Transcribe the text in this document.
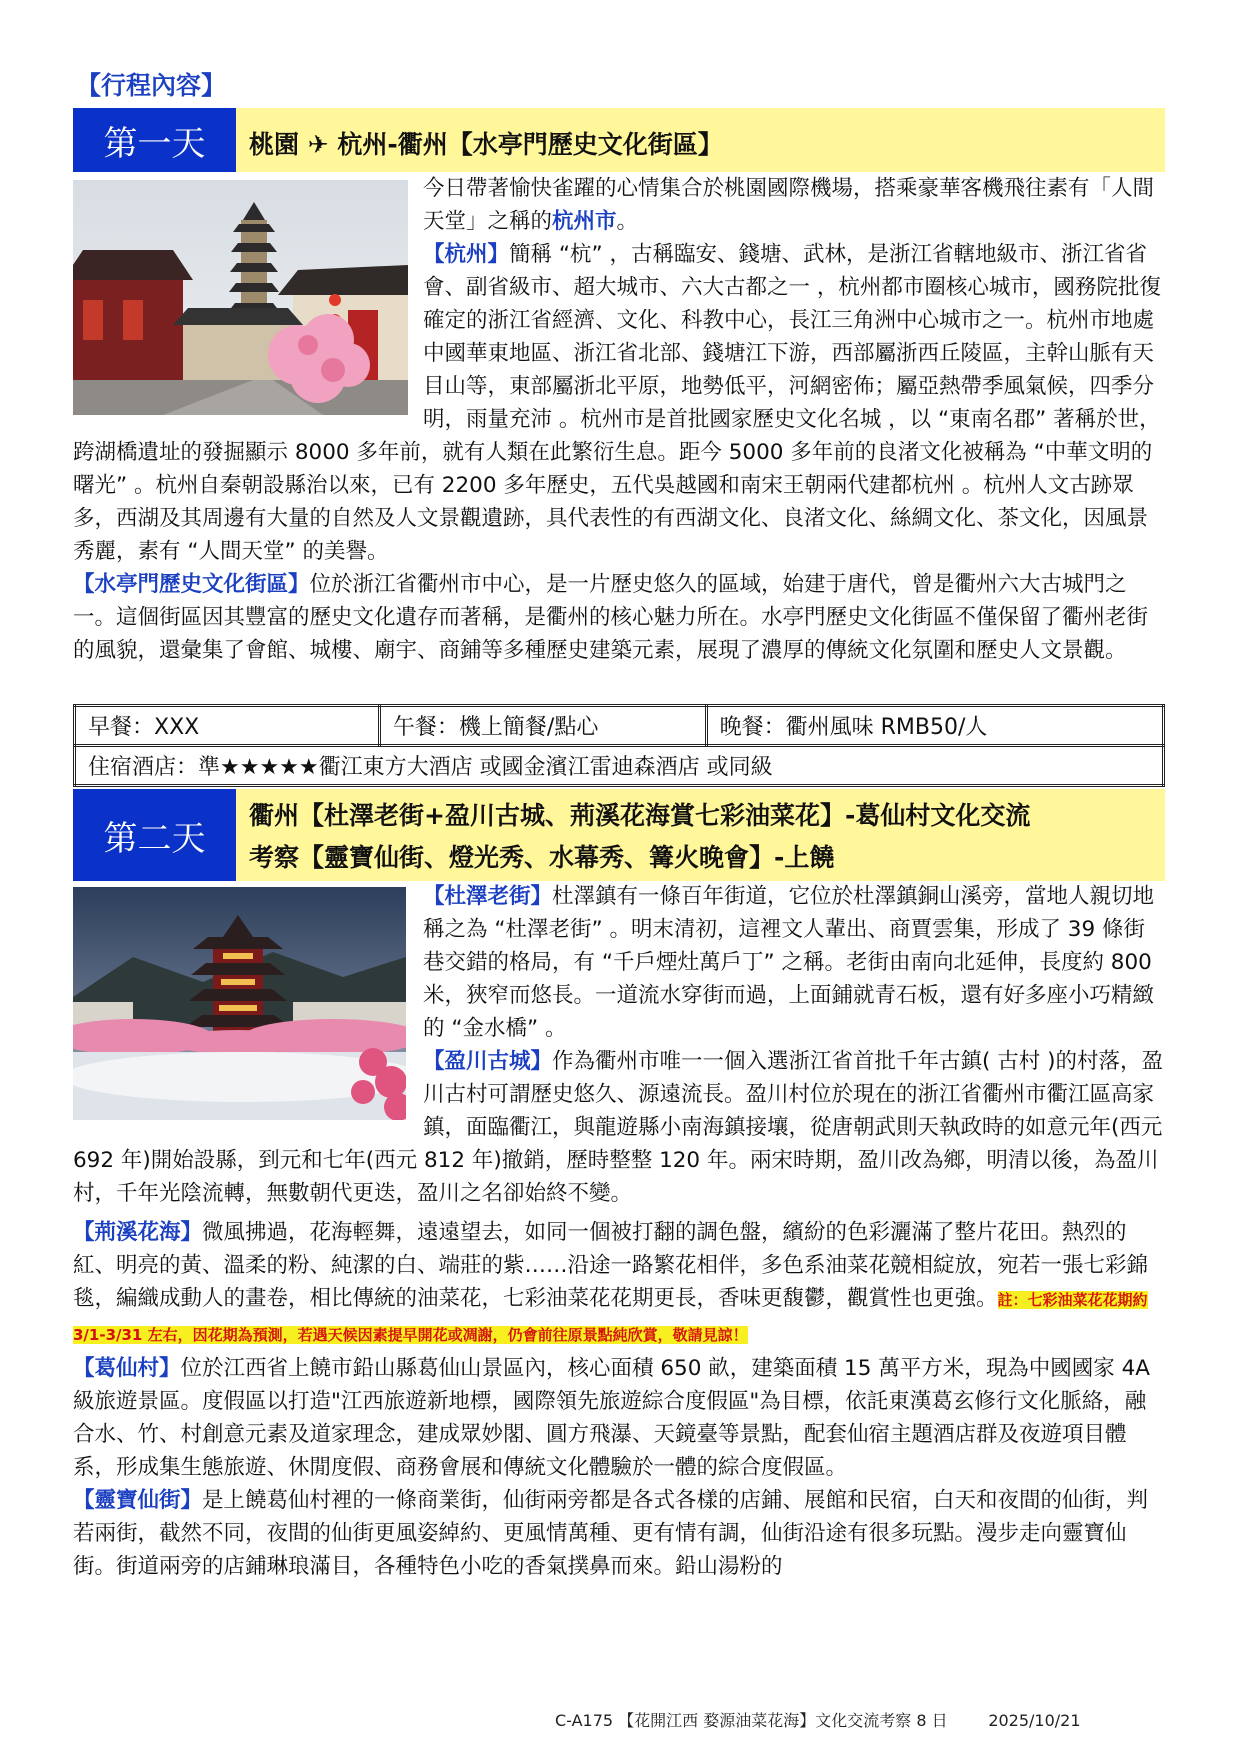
【行程內容】
第一天 桃園 ✈ 杭州-衢州【水亭門歷史文化街區】

今日帶著愉快雀躍的心情集合於桃園國際機場，搭乘豪華客機飛往素有「人間天堂」之稱的杭州市。

【杭州】簡稱 “杭” ，古稱臨安、錢塘、武林，是浙江省轄地級市、浙江省省會、副省級市、超大城市、六大古都之一 ，杭州都市圈核心城市，國務院批復確定的浙江省經濟、文化、科教中心，長江三角洲中心城市之一。杭州市地處中國華東地區、浙江省北部、錢塘江下游，西部屬浙西丘陵區，主幹山脈有天目山等，東部屬浙北平原，地勢低平，河網密佈；屬亞熱帶季風氣候，四季分明，雨量充沛 。杭州市是首批國家歷史文化名城 ，以 “東南名郡” 著稱於世，跨湖橋遺址的發掘顯示 8000 多年前，就有人類在此繁衍生息。距今 5000 多年前的良渚文化被稱為 “中華文明的曙光” 。杭州自秦朝設縣治以來，已有 2200 多年歷史，五代吳越國和南宋王朝兩代建都杭州 。杭州人文古跡眾多，西湖及其周邊有大量的自然及人文景觀遺跡，具代表性的有西湖文化、良渚文化、絲綢文化、茶文化，因風景秀麗，素有 “人間天堂” 的美譽。

【水亭門歷史文化街區】位於浙江省衢州市中心，是一片歷史悠久的區域，始建于唐代，曾是衢州六大古城門之一。這個街區因其豐富的歷史文化遺存而著稱，是衢州的核心魅力所在。水亭門歷史文化街區不僅保留了衢州老街的風貌，還彙集了會館、城樓、廟宇、商鋪等多種歷史建築元素，展現了濃厚的傳統文化氛圍和歷史人文景觀。

早餐：XXX	午餐：機上簡餐/點心	晚餐：衢州風味 RMB50/人
住宿酒店：準★★★★★衢江東方大酒店 或國金濱江雷迪森酒店 或同級
第二天
衢州【杜澤老街+盈川古城、荊溪花海賞七彩油菜花】-葛仙村文化交流
考察【靈寶仙街、燈光秀、水幕秀、篝火晚會】-上饒

【杜澤老街】杜澤鎮有一條百年街道，它位於杜澤鎮銅山溪旁，當地人親切地稱之為 “杜澤老街” 。明末清初，這裡文人輩出、商賈雲集，形成了 39 條街巷交錯的格局，有 “千戶煙灶萬戶丁” 之稱。老街由南向北延伸，長度約 800 米，狹窄而悠長。一道流水穿街而過，上面鋪就青石板，還有好多座小巧精緻的 “金水橋” 。

【盈川古城】作為衢州市唯一一個入選浙江省首批千年古鎮( 古村 )的村落，盈川古村可謂歷史悠久、源遠流長。盈川村位於現在的浙江省衢州市衢江區高家鎮，面臨衢江，與龍遊縣小南海鎮接壤，從唐朝武則天執政時的如意元年(西元 692 年)開始設縣，到元和七年(西元 812 年)撤銷，歷時整整 120 年。兩宋時期，盈川改為鄉，明清以後，為盈川村，千年光陰流轉，無數朝代更迭，盈川之名卻始終不變。

【荊溪花海】微風拂過，花海輕舞，遠遠望去，如同一個被打翻的調色盤，繽紛的色彩灑滿了整片花田。熱烈的紅、明亮的黃、溫柔的粉、純潔的白、端莊的紫……沿途一路繁花相伴，多色系油菜花競相綻放，宛若一張七彩錦毯，編織成動人的畫卷，相比傳統的油菜花，七彩油菜花花期更長，香味更馥鬱，觀賞性也更強。註：七彩油菜花花期約 3/1-3/31 左右，因花期為預測，若遇天候因素提早開花或凋謝，仍會前往原景點純欣賞，敬請見諒！

【葛仙村】位於江西省上饒市鉛山縣葛仙山景區內，核心面積 650 畝，建築面積 15 萬平方米，現為中國國家 4A 級旅遊景區。度假區以打造"江西旅遊新地標，國際領先旅遊綜合度假區"為目標，依託東漢葛玄修行文化脈絡，融合水、竹、村創意元素及道家理念，建成眾妙閣、圓方飛瀑、天鏡臺等景點，配套仙宿主題酒店群及夜遊項目體系，形成集生態旅遊、休閒度假、商務會展和傳統文化體驗於一體的綜合度假區。

【靈寶仙街】是上饒葛仙村裡的一條商業街，仙街兩旁都是各式各樣的店鋪、展館和民宿，白天和夜間的仙街，判若兩街，截然不同，夜間的仙街更風姿綽約、更風情萬種、更有情有調，仙街沿途有很多玩點。漫步走向靈寶仙街。街道兩旁的店鋪琳琅滿目，各種特色小吃的香氣撲鼻而來。鉛山湯粉的

C-A175 【花開江西 婺源油菜花海】文化交流考察 8 日	2025/10/21
